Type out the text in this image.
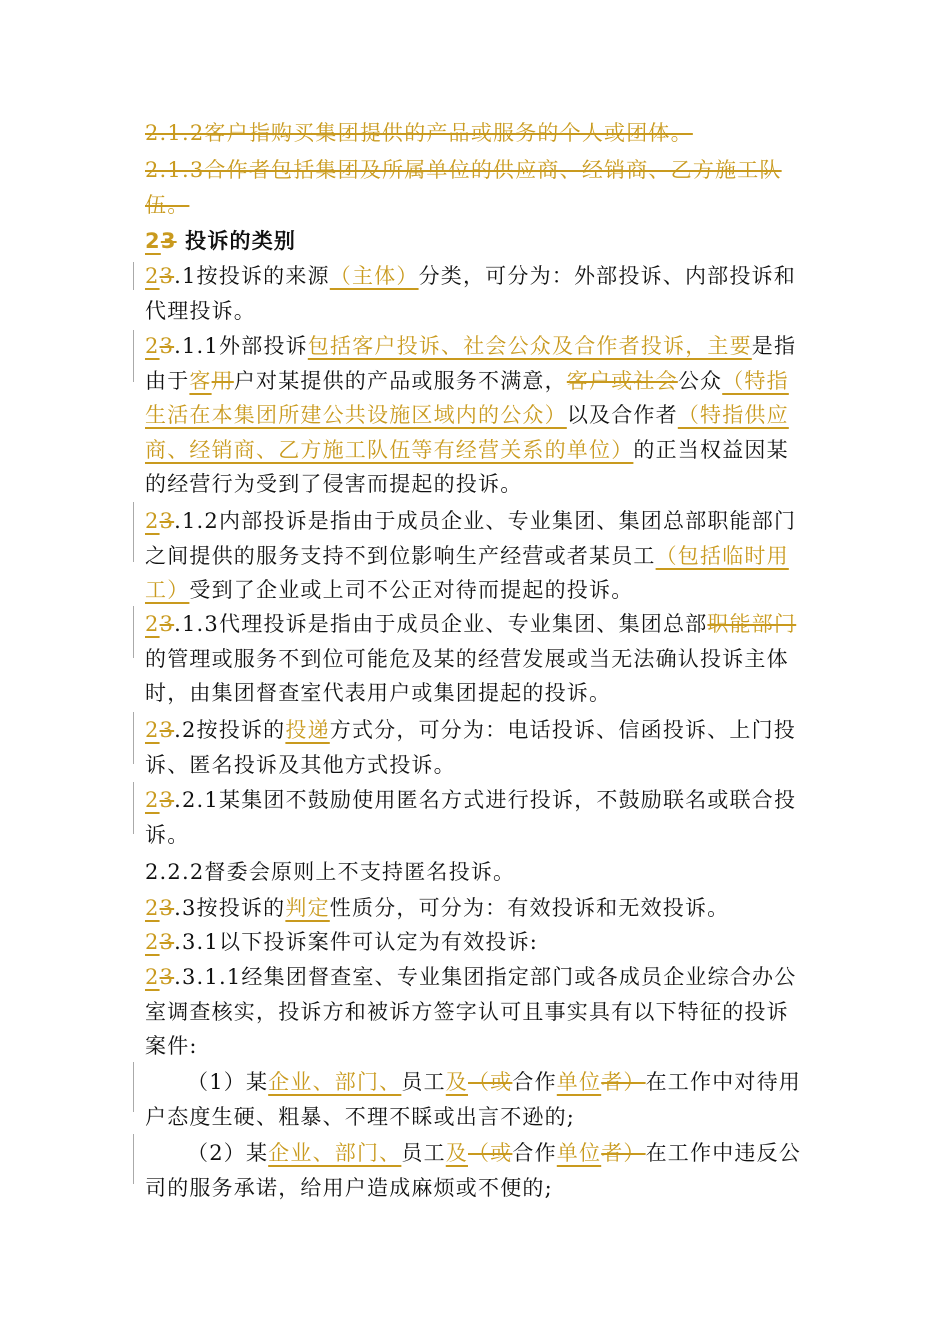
2.1.2客户指购买集团提供的产品或服务的个人或团体。
2.1.3合作者包括集团及所属单位的供应商、经销商、乙方施工队伍。
23 投诉的类别
23.1按投诉的来源（主体）分类，可分为：外部投诉、内部投诉和代理投诉。
23.1.1外部投诉包括客户投诉、社会公众及合作者投诉，主要是指由于客用户对某提供的产品或服务不满意，客户或社会公众（特指生活在本集团所建公共设施区域内的公众）以及合作者（特指供应商、经销商、乙方施工队伍等有经营关系的单位）的正当权益因某的经营行为受到了侵害而提起的投诉。
23.1.2内部投诉是指由于成员企业、专业集团、集团总部职能部门之间提供的服务支持不到位影响生产经营或者某员工（包括临时用工）受到了企业或上司不公正对待而提起的投诉。
23.1.3代理投诉是指由于成员企业、专业集团、集团总部职能部门的管理或服务不到位可能危及某的经营发展或当无法确认投诉主体时，由集团督查室代表用户或集团提起的投诉。
23.2按投诉的投递方式分，可分为：电话投诉、信函投诉、上门投诉、匿名投诉及其他方式投诉。
23.2.1某集团不鼓励使用匿名方式进行投诉，不鼓励联名或联合投诉。
2.2.2督委会原则上不支持匿名投诉。
23.3按投诉的判定性质分，可分为：有效投诉和无效投诉。
23.3.1以下投诉案件可认定为有效投诉:
23.3.1.1经集团督查室、专业集团指定部门或各成员企业综合办公室调查核实，投诉方和被诉方签字认可且事实具有以下特征的投诉案件:
（1）某企业、部门、员工及（或合作单位者）在工作中对待用户态度生硬、粗暴、不理不睬或出言不逊的;
（2）某企业、部门、员工及（或合作单位者）在工作中违反公司的服务承诺，给用户造成麻烦或不便的;
